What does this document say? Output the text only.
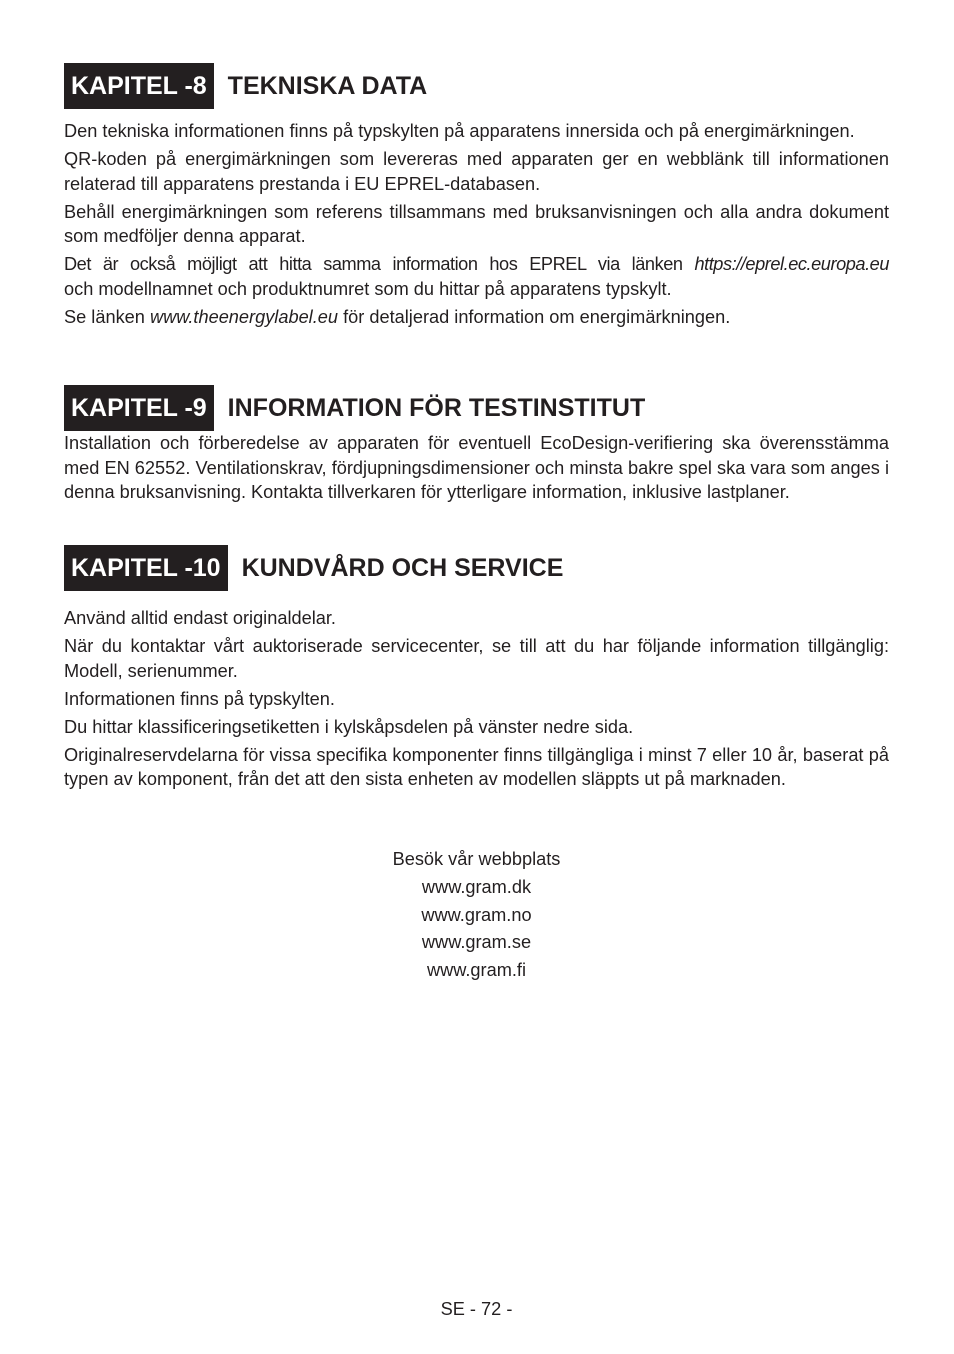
KAPITEL -8 TEKNISKA DATA

Den tekniska informationen finns på typskylten på apparatens innersida och på energimärkningen.

QR-koden på energimärkningen som levereras med apparaten ger en webblänk till informationen relaterad till apparatens prestanda i EU EPREL-databasen.

Behåll energimärkningen som referens tillsammans med bruksanvisningen och alla andra dokument som medföljer denna apparat.

Det är också möjligt att hitta samma information hos EPREL via länken https://eprel.ec.europa.eu
och modellnamnet och produktnumret som du hittar på apparatens typskylt.

Se länken www.theenergylabel.eu för detaljerad information om energimärkningen.

KAPITEL -9 INFORMATION FÖR TESTINSTITUT

Installation och förberedelse av apparaten för eventuell EcoDesign-verifiering ska överensstämma med EN 62552. Ventilationskrav, fördjupningsdimensioner och minsta bakre spel ska vara som anges i denna bruksanvisning. Kontakta tillverkaren för ytterligare information, inklusive lastplaner.

KAPITEL -10 KUNDVÅRD OCH SERVICE

Använd alltid endast originaldelar.

När du kontaktar vårt auktoriserade servicecenter, se till att du har följande information tillgänglig: Modell, serienummer.

Informationen finns på typskylten.

Du hittar klassificeringsetiketten i kylskåpsdelen på vänster nedre sida.

Originalreservdelarna för vissa specifika komponenter finns tillgängliga i minst 7 eller 10 år, baserat på typen av komponent, från det att den sista enheten av modellen släppts ut på marknaden.

Besök vår webbplats
www.gram.dk
www.gram.no
www.gram.se
www.gram.fi
SE - 72 -
